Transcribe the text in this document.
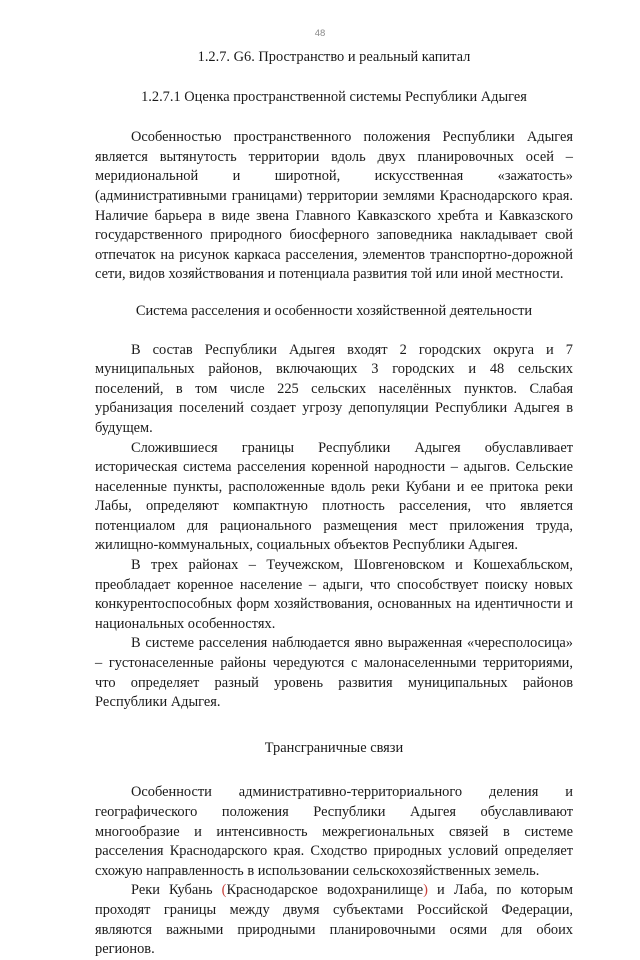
48

1.2.7. G6. Пространство и реальный капитал

1.2.7.1 Оценка пространственной системы Республики Адыгея

Особенностью пространственного положения Республики Адыгея является вытянутость территории вдоль двух планировочных осей – меридиональной и широтной, искусственная «зажатость» (административными границами) территории землями Краснодарского края. Наличие барьера в виде звена Главного Кавказского хребта и Кавказского государственного природного биосферного заповедника накладывает свой отпечаток на рисунок каркаса расселения, элементов транспортно-дорожной сети, видов хозяйствования и потенциала развития той или иной местности.

Система расселения и особенности хозяйственной деятельности

В состав Республики Адыгея входят 2 городских округа и 7 муниципальных районов, включающих 3 городских и 48 сельских поселений, в том числе 225 сельских населённых пунктов. Слабая урбанизация поселений создает угрозу депопуляции Республики Адыгея в будущем.

Сложившиеся границы Республики Адыгея обуславливает историческая система расселения коренной народности – адыгов. Сельские населенные пункты, расположенные вдоль реки Кубани и ее притока реки Лабы, определяют компактную плотность расселения, что является потенциалом для рационального размещения мест приложения труда, жилищно-коммунальных, социальных объектов Республики Адыгея.

В трех районах – Теучежском, Шовгеновском и Кошехабльском, преобладает коренное население – адыги, что способствует поиску новых конкурентоспособных форм хозяйствования, основанных на идентичности и национальных особенностях.

В системе расселения наблюдается явно выраженная «чересполосица» – густонаселенные районы чередуются с малонаселенными территориями, что определяет разный уровень развития муниципальных районов Республики Адыгея.

Трансграничные связи

Особенности административно-территориального деления и географического положения Республики Адыгея обуславливают многообразие и интенсивность межрегиональных связей в системе расселения Краснодарского края. Сходство природных условий определяет схожую направленность в использовании сельскохозяйственных земель.

Реки Кубань (Краснодарское водохранилище) и Лаба, по которым проходят границы между двумя субъектами Российской Федерации, являются важными природными планировочными осями для обоих регионов.
